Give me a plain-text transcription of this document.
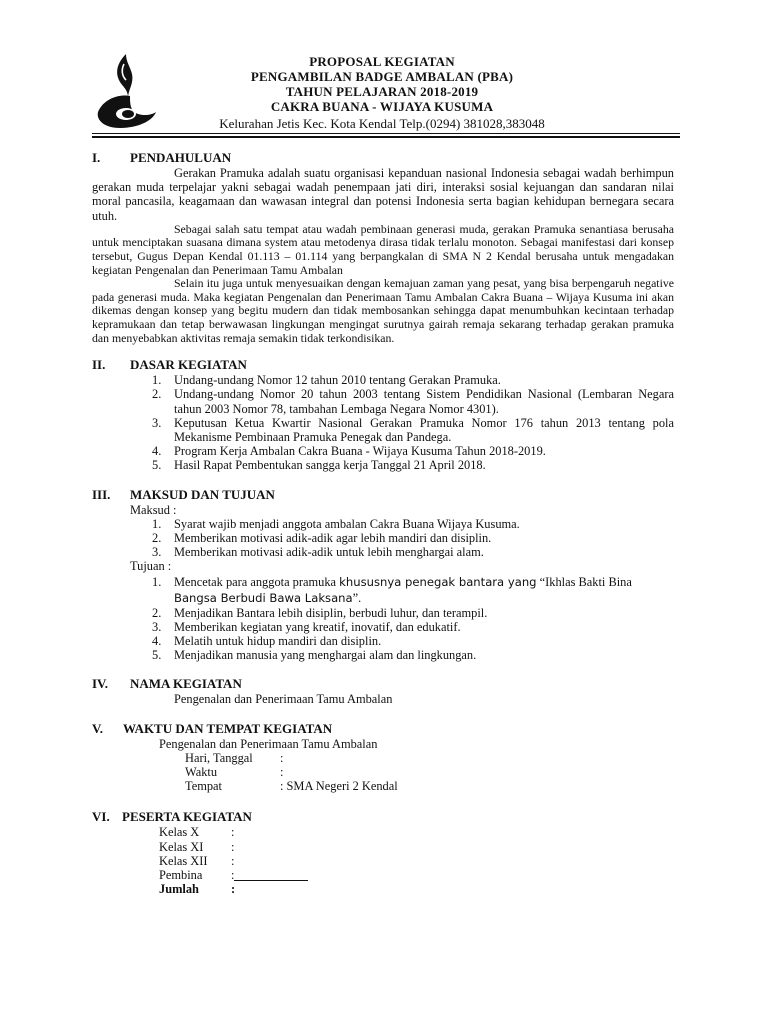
PROPOSAL KEGIATAN
PENGAMBILAN BADGE AMBALAN (PBA)
TAHUN PELAJARAN 2018-2019
CAKRA BUANA - WIJAYA KUSUMA
Kelurahan Jetis Kec. Kota Kendal Telp.(0294) 381028,383048
I. PENDAHULUAN

Gerakan Pramuka adalah suatu organisasi kepanduan nasional Indonesia sebagai wadah berhimpun gerakan muda terpelajar yakni sebagai wadah penempaan jati diri, interaksi sosial kejuangan dan sandaran nilai moral pancasila, keagamaan dan wawasan integral dan potensi Indonesia serta bagian kehidupan bernegara secara utuh.

Sebagai salah satu tempat atau wadah pembinaan generasi muda, gerakan Pramuka senantiasa berusaha untuk menciptakan suasana dimana system atau metodenya dirasa tidak terlalu monoton. Sebagai manifestasi dari konsep tersebut, Gugus Depan Kendal 01.113 – 01.114 yang berpangkalan di SMA N 2 Kendal berusaha untuk mengadakan kegiatan Pengenalan dan Penerimaan Tamu Ambalan

Selain itu juga untuk menyesuaikan dengan kemajuan zaman yang pesat, yang bisa berpengaruh negative pada generasi muda. Maka kegiatan Pengenalan dan Penerimaan Tamu Ambalan Cakra Buana – Wijaya Kusuma ini akan dikemas dengan konsep yang begitu mudern dan tidak membosankan sehingga dapat menumbuhkan kecintaan terhadap kepramukaan dan tetap berwawasan lingkungan mengingat surutnya gairah remaja sekarang terhadap gerakan pramuka dan menyebabkan aktivitas remaja semakin tidak terkondisikan.

II. DASAR KEGIATAN
1. Undang-undang Nomor 12 tahun 2010 tentang Gerakan Pramuka.
2. Undang-undang Nomor 20 tahun 2003 tentang Sistem Pendidikan Nasional (Lembaran Negara tahun 2003 Nomor 78, tambahan Lembaga Negara Nomor 4301).
3. Keputusan Ketua Kwartir Nasional Gerakan Pramuka Nomor 176 tahun 2013 tentang pola Mekanisme Pembinaan Pramuka Penegak dan Pandega.
4. Program Kerja Ambalan Cakra Buana - Wijaya Kusuma Tahun 2018-2019.
5. Hasil Rapat Pembentukan sangga kerja Tanggal 21 April 2018.
III. MAKSUD DAN TUJUAN
Maksud :
1. Syarat wajib menjadi anggota ambalan Cakra Buana Wijaya Kusuma.
2. Memberikan motivasi adik-adik agar lebih mandiri dan disiplin.
3. Memberikan motivasi adik-adik untuk lebih menghargai alam.
Tujuan :
1. Mencetak para anggota pramuka khususnya penegak bantara yang “Ikhlas Bakti Bina
Bangsa Berbudi Bawa Laksana”.
2. Menjadikan Bantara lebih disiplin, berbudi luhur, dan terampil.
3. Memberikan kegiatan yang kreatif, inovatif, dan edukatif.
4. Melatih untuk hidup mandiri dan disiplin.
5. Menjadikan manusia yang menghargai alam dan lingkungan.
IV. NAMA KEGIATAN
Pengenalan dan Penerimaan Tamu Ambalan
V. WAKTU DAN TEMPAT KEGIATAN
Pengenalan dan Penerimaan Tamu Ambalan
Hari, Tanggal	:
Waktu	:
Tempat	: SMA Negeri 2 Kendal
VI. PESERTA KEGIATAN
Kelas X	:
Kelas XI	:
Kelas XII	:
Pembina	:
Jumlah	:
